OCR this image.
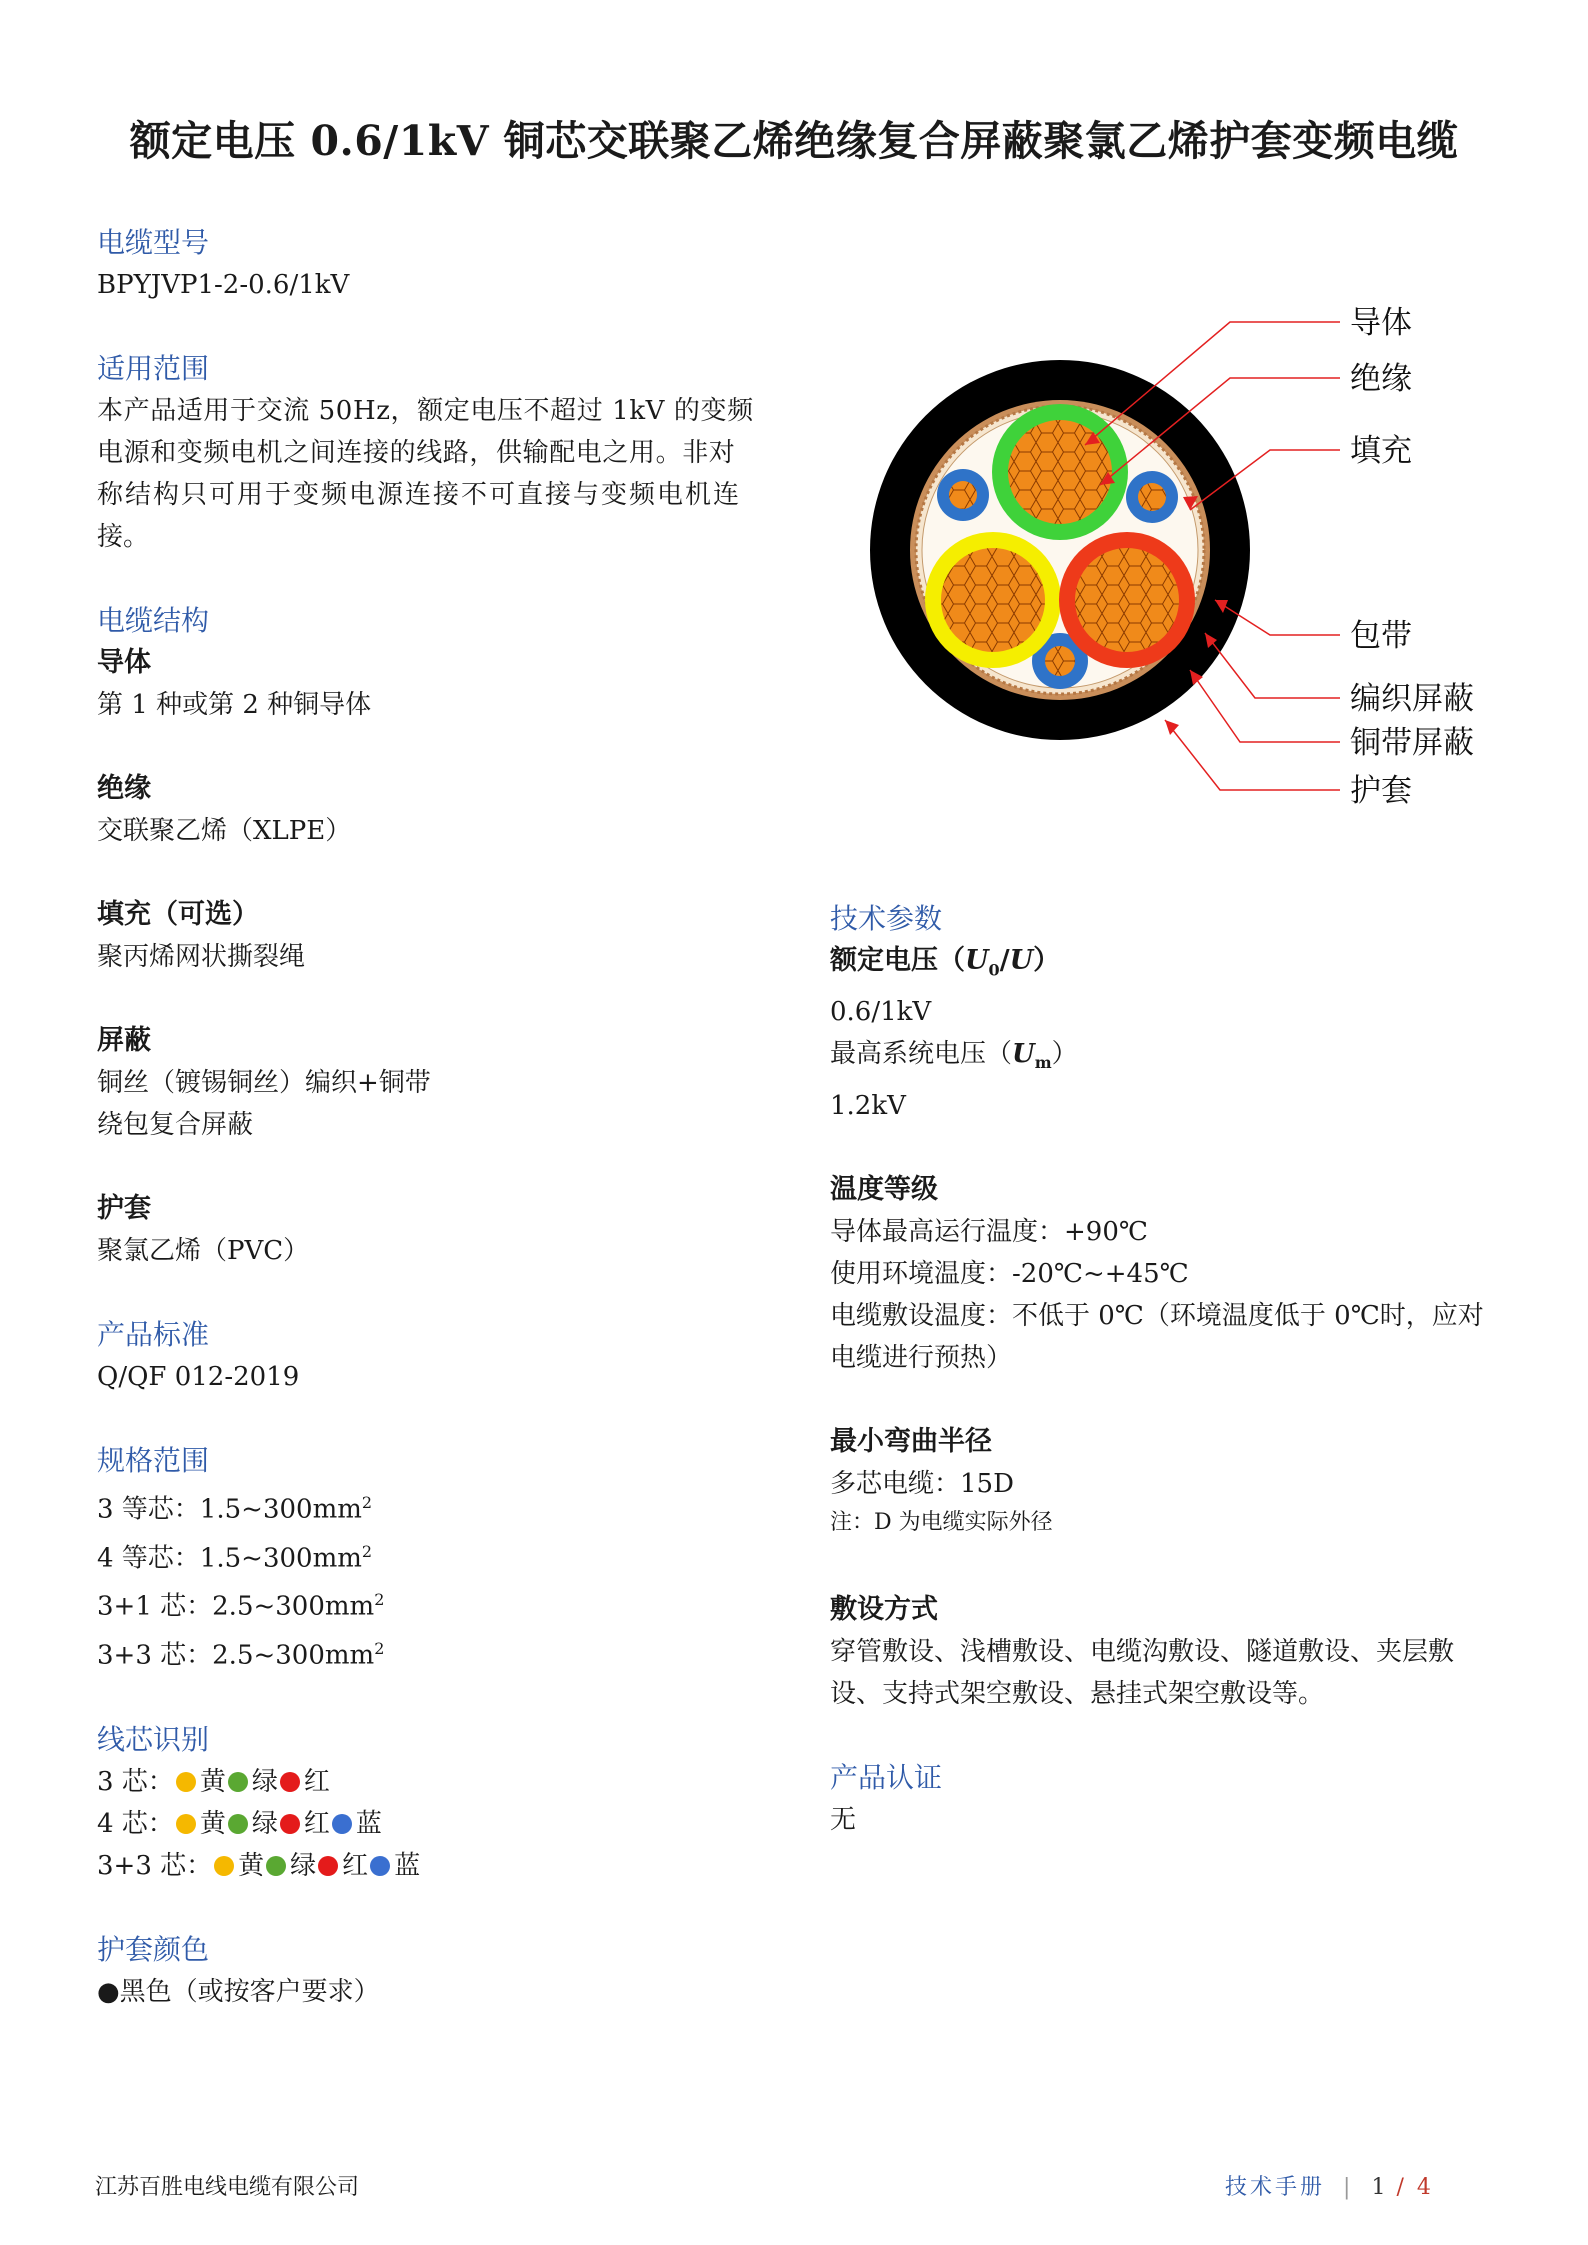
额定电压 0.6/1kV 铜芯交联聚乙烯绝缘复合屏蔽聚氯乙烯护套变频电缆
电缆型号
BPYJVP1-2-0.6/1kV
适用范围
本产品适用于交流 50Hz，额定电压不超过 1kV 的变频
电源和变频电机之间连接的线路，供输配电之用。非对
称结构只可用于变频电源连接不可直接与变频电机连
接。
电缆结构
导体
第 1 种或第 2 种铜导体
绝缘
交联聚乙烯（XLPE）
填充（可选）
聚丙烯网状撕裂绳
屏蔽
铜丝（镀锡铜丝）编织+铜带
绕包复合屏蔽
护套
聚氯乙烯（PVC）
产品标准
Q/QF 012-2019
规格范围
3 等芯：$1.5\sim 300mm^2$
4 等芯：$1.5\sim 300mm^2$
3+1 芯：$2.5\sim 300mm^2$
3+3 芯：$2.5\sim 300mm^2$
线芯识别
3 芯： 黄 绿 红
4 芯： 黄 绿 红 蓝
3+3 芯： 黄 绿 红 蓝
护套颜色
●黑色（或按客户要求）
导体
绝缘
填充
包带
编织屏蔽
铜带屏蔽
护套
技术参数
额定电压$(U_0/U)$
0.6/1kV
最高系统电压$(U_m)$
1.2kV
温度等级
导体最高运行温度：+90℃
使用环境温度：-20℃~+45℃
电缆敷设温度：不低于 0℃（环境温度低于 0℃时，应对
电缆进行预热）
最小弯曲半径
多芯电缆：15D
注：D 为电缆实际外径
敷设方式
穿管敷设、浅槽敷设、电缆沟敷设、隧道敷设、夹层敷
设、支持式架空敷设、悬挂式架空敷设等。
产品认证
无
江苏百胜电线电缆有限公司	技术手册 | 1 / 4
